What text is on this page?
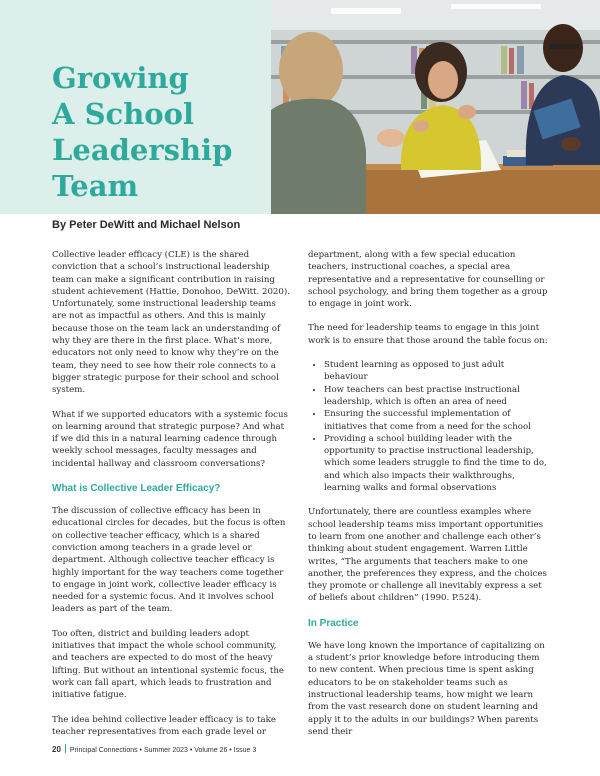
Growing
A School
Leadership
Team
By Peter DeWitt and Michael Nelson

Collective leader efficacy (CLE) is the shared conviction that a school’s instructional leadership team can make a significant contribution in raising student achievement (Hattie, Donohoo, DeWitt. 2020). Unfortunately, some instructional leadership teams are not as impactful as others. And this is mainly because those on the team lack an understanding of why they are there in the first place. What’s more, educators not only need to know why they’re on the team, they need to see how their role connects to a bigger strategic purpose for their school and school system.

What if we supported educators with a systemic focus on learning around that strategic purpose? And what if we did this in a natural learning cadence through weekly school messages, faculty messages and incidental hallway and classroom conversations?

What is Collective Leader Efficacy?

The discussion of collective efficacy has been in educational circles for decades, but the focus is often on collective teacher efficacy, which is a shared conviction among teachers in a grade level or department. Although collective teacher efficacy is highly important for the way teachers come together to engage in joint work, collective leader efficacy is needed for a systemic focus. And it involves school leaders as part of the team.

Too often, district and building leaders adopt initiatives that impact the whole school community, and teachers are expected to do most of the heavy lifting. But without an intentional systemic focus, the work can fall apart, which leads to frustration and initiative fatigue.

The idea behind collective leader efficacy is to take teacher representatives from each grade level or

department, along with a few special education teachers, instructional coaches, a special area representative and a representative for counselling or school psychology, and bring them together as a group to engage in joint work.

The need for leadership teams to engage in this joint work is to ensure that those around the table focus on:

• Student learning as opposed to just adult behaviour
• How teachers can best practise instructional leadership, which is often an area of need
• Ensuring the successful implementation of initiatives that come from a need for the school
• Providing a school building leader with the opportunity to practise instructional leadership, which some leaders struggle to find the time to do, and which also impacts their walkthroughs, learning walks and formal observations

Unfortunately, there are countless examples where school leadership teams miss important opportunities to learn from one another and challenge each other’s thinking about student engagement. Warren Little writes, “The arguments that teachers make to one another, the preferences they express, and the choices they promote or challenge all inevitably express a set of beliefs about children” (1990. P.524).

In Practice

We have long known the importance of capitalizing on a student’s prior knowledge before introducing them to new content. When precious time is spent asking educators to be on stakeholder teams such as instructional leadership teams, how might we learn from the vast research done on student learning and apply it to the adults in our buildings? When parents send their

20 Principal Connections • Summer 2023 • Volume 26 • Issue 3
